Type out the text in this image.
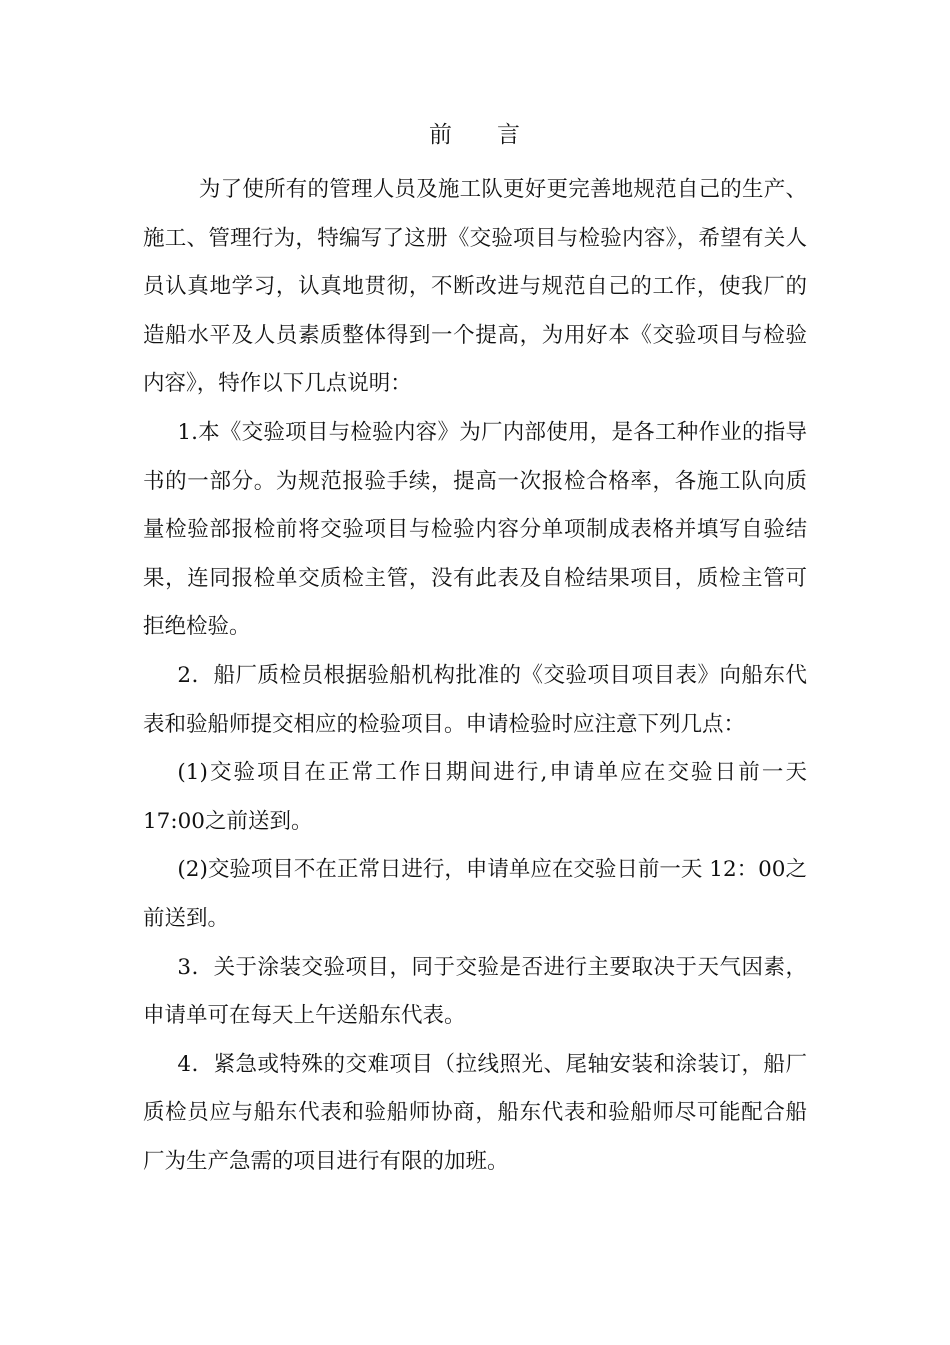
前 言

为了使所有的管理人员及施工队更好更完善地规范自己的生产、施工、管理行为，特编写了这册《交验项目与检验内容》，希望有关人员认真地学习，认真地贯彻，不断改进与规范自己的工作，使我厂的造船水平及人员素质整体得到一个提高，为用好本《交验项目与检验内容》，特作以下几点说明：

1.本《交验项目与检验内容》为厂内部使用，是各工种作业的指导书的一部分。为规范报验手续，提高一次报检合格率，各施工队向质量检验部报检前将交验项目与检验内容分单项制成表格并填写自验结果，连同报检单交质检主管，没有此表及自检结果项目，质检主管可拒绝检验。

2．船厂质检员根据验船机构批准的《交验项目项目表》向船东代表和验船师提交相应的检验项目。申请检验时应注意下列几点：

(1)交验项目在正常工作日期间进行,申请单应在交验日前一天17:00之前送到。

(2)交验项目不在正常日进行，申请单应在交验日前一天 12：00之前送到。

3．关于涂装交验项目，同于交验是否进行主要取决于天气因素，申请单可在每天上午送船东代表。

4．紧急或特殊的交难项目（拉线照光、尾轴安装和涂装订，船厂质检员应与船东代表和验船师协商，船东代表和验船师尽可能配合船厂为生产急需的项目进行有限的加班。
